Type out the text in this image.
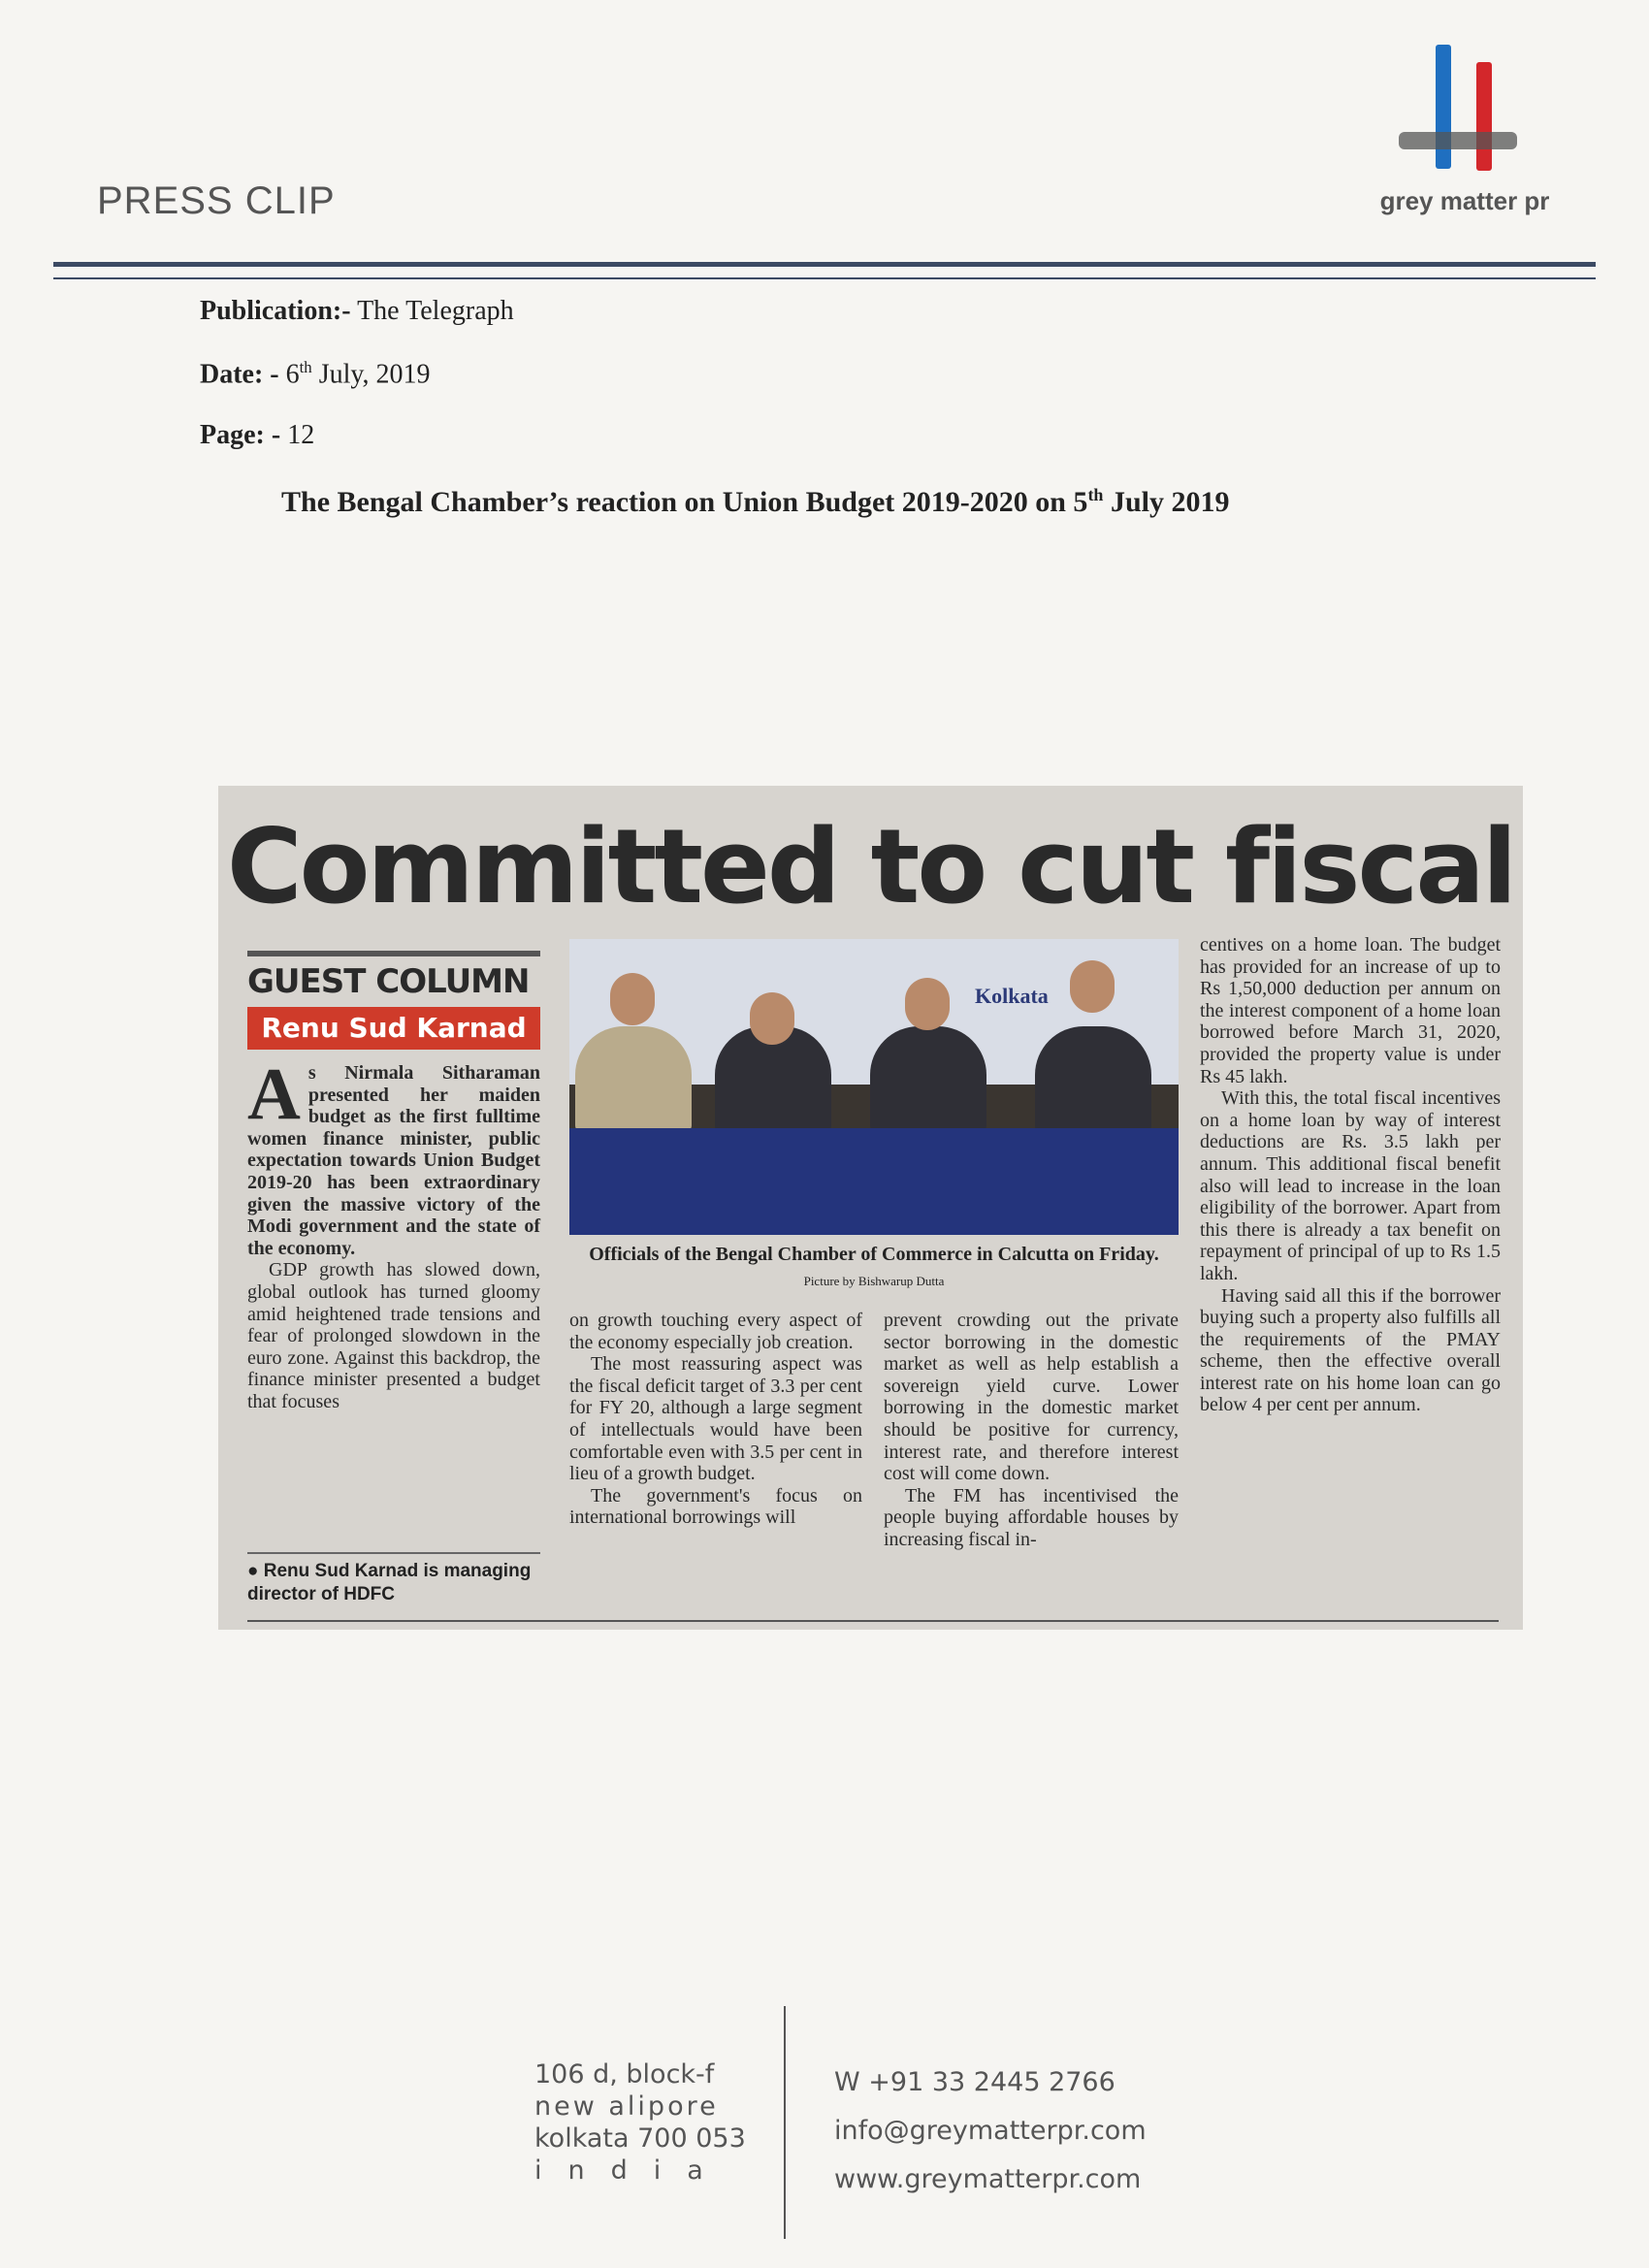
PRESS CLIP	grey matter pr
Publication:- The Telegraph
Date: - 6th July, 2019
Page: - 12
The Bengal Chamber’s reaction on Union Budget 2019-2020 on 5th July 2019
Committed to cut fiscal
GUEST COLUMN
Renu Sud Karnad
A s Nirmala Sitharaman presented her maiden budget as the first fulltime women finance minister, public expectation towards Union Budget 2019-20 has been extraordinary given the massive victory of the Modi government and the state of the economy.
GDP growth has slowed down, global outlook has turned gloomy amid heightened trade tensions and fear of prolonged slowdown in the euro zone. Against this backdrop, the finance minister presented a budget that focuses
● Renu Sud Karnad is managing director of HDFC
Kolkata
Officials of the Bengal Chamber of Commerce in Calcutta on Friday. Picture by Bishwarup Dutta
on growth touching every aspect of the economy especially job creation.
The most reassuring aspect was the fiscal deficit target of 3.3 per cent for FY 20, although a large segment of intellectuals would have been comfortable even with 3.5 per cent in lieu of a growth budget.
The government's focus on international borrowings will
prevent crowding out the private sector borrowing in the domestic market as well as help establish a sovereign yield curve. Lower borrowing in the domestic market should be positive for currency, interest rate, and therefore interest cost will come down.
The FM has incentivised the people buying affordable houses by increasing fiscal in-
centives on a home loan. The budget has provided for an increase of up to Rs 1,50,000 deduction per annum on the interest component of a home loan borrowed before March 31, 2020, provided the property value is under Rs 45 lakh.
With this, the total fiscal incentives on a home loan by way of interest deductions are Rs. 3.5 lakh per annum. This additional fiscal benefit also will lead to increase in the loan eligibility of the borrower. Apart from this there is already a tax benefit on repayment of principal of up to Rs 1.5 lakh.
Having said all this if the borrower buying such a property also fulfills all the requirements of the PMAY scheme, then the effective overall interest rate on his home loan can go below 4 per cent per annum.
106 d, block-f
new alipore
kolkata 700 053
india
W +91 33 2445 2766
info@greymatterpr.com
www.greymatterpr.com
